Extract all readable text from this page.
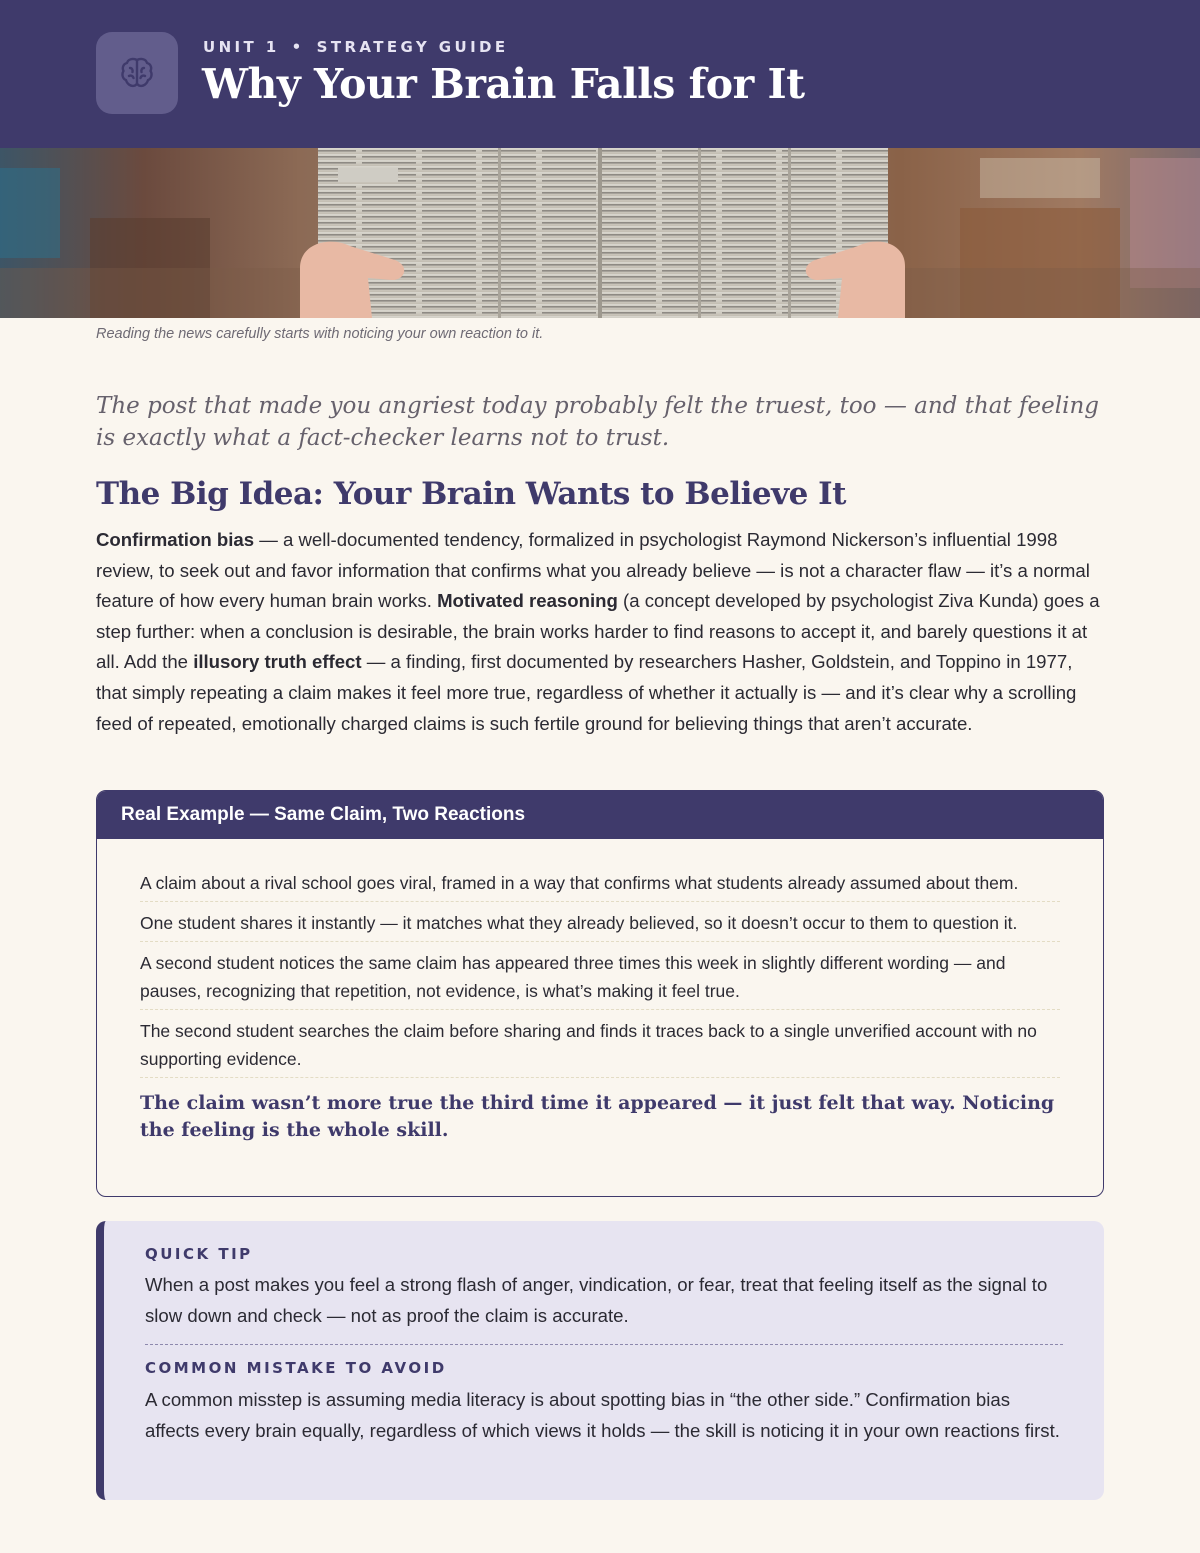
UNIT 1 • STRATEGY GUIDE
Why Your Brain Falls for It
Reading the news carefully starts with noticing your own reaction to it.
The post that made you angriest today probably felt the truest, too — and that feeling is exactly what a fact-checker learns not to trust.
The Big Idea: Your Brain Wants to Believe It
Confirmation bias — a well-documented tendency, formalized in psychologist Raymond Nickerson’s influential 1998 review, to seek out and favor information that confirms what you already believe — is not a character flaw — it’s a normal feature of how every human brain works. Motivated reasoning (a concept developed by psychologist Ziva Kunda) goes a step further: when a conclusion is desirable, the brain works harder to find reasons to accept it, and barely questions it at all. Add the illusory truth effect — a finding, first documented by researchers Hasher, Goldstein, and Toppino in 1977, that simply repeating a claim makes it feel more true, regardless of whether it actually is — and it’s clear why a scrolling feed of repeated, emotionally charged claims is such fertile ground for believing things that aren’t accurate.
Real Example — Same Claim, Two Reactions
A claim about a rival school goes viral, framed in a way that confirms what students already assumed about them.
One student shares it instantly — it matches what they already believed, so it doesn’t occur to them to question it.
A second student notices the same claim has appeared three times this week in slightly different wording — and pauses, recognizing that repetition, not evidence, is what’s making it feel true.
The second student searches the claim before sharing and finds it traces back to a single unverified account with no supporting evidence.
The claim wasn’t more true the third time it appeared — it just felt that way. Noticing the feeling is the whole skill.
QUICK TIP
When a post makes you feel a strong flash of anger, vindication, or fear, treat that feeling itself as the signal to slow down and check — not as proof the claim is accurate.
COMMON MISTAKE TO AVOID
A common misstep is assuming media literacy is about spotting bias in “the other side.” Confirmation bias affects every brain equally, regardless of which views it holds — the skill is noticing it in your own reactions first.
